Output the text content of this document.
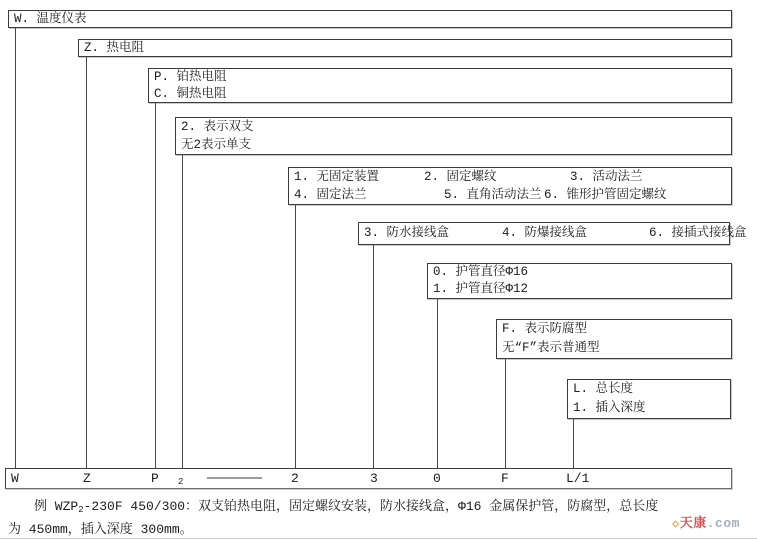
W. 温度仪表
Z. 热电阻
P. 铂热电阻
C. 铜热电阻
2. 表示双支
无2表示单支
1. 无固定装置	2. 固定螺纹	3. 活动法兰
4. 固定法兰	5. 直角活动法兰 6. 锥形护管固定螺纹
3. 防水接线盒	4. 防爆接线盒	6. 接插式接线盒
0. 护管直径Φ16
1. 护管直径Φ12
F. 表示防腐型
无“F”表示普通型
L. 总长度
1. 插入深度
W	Z	P 2	2	3	0	F	L/1
例 $WZP_2-230F$ 450/300：双支铂热电阻，固定螺纹安装，防水接线盒，Φ16 金属保护管，防腐型，总长度
为 450mm，插入深度 300mm。	◇天康.com
